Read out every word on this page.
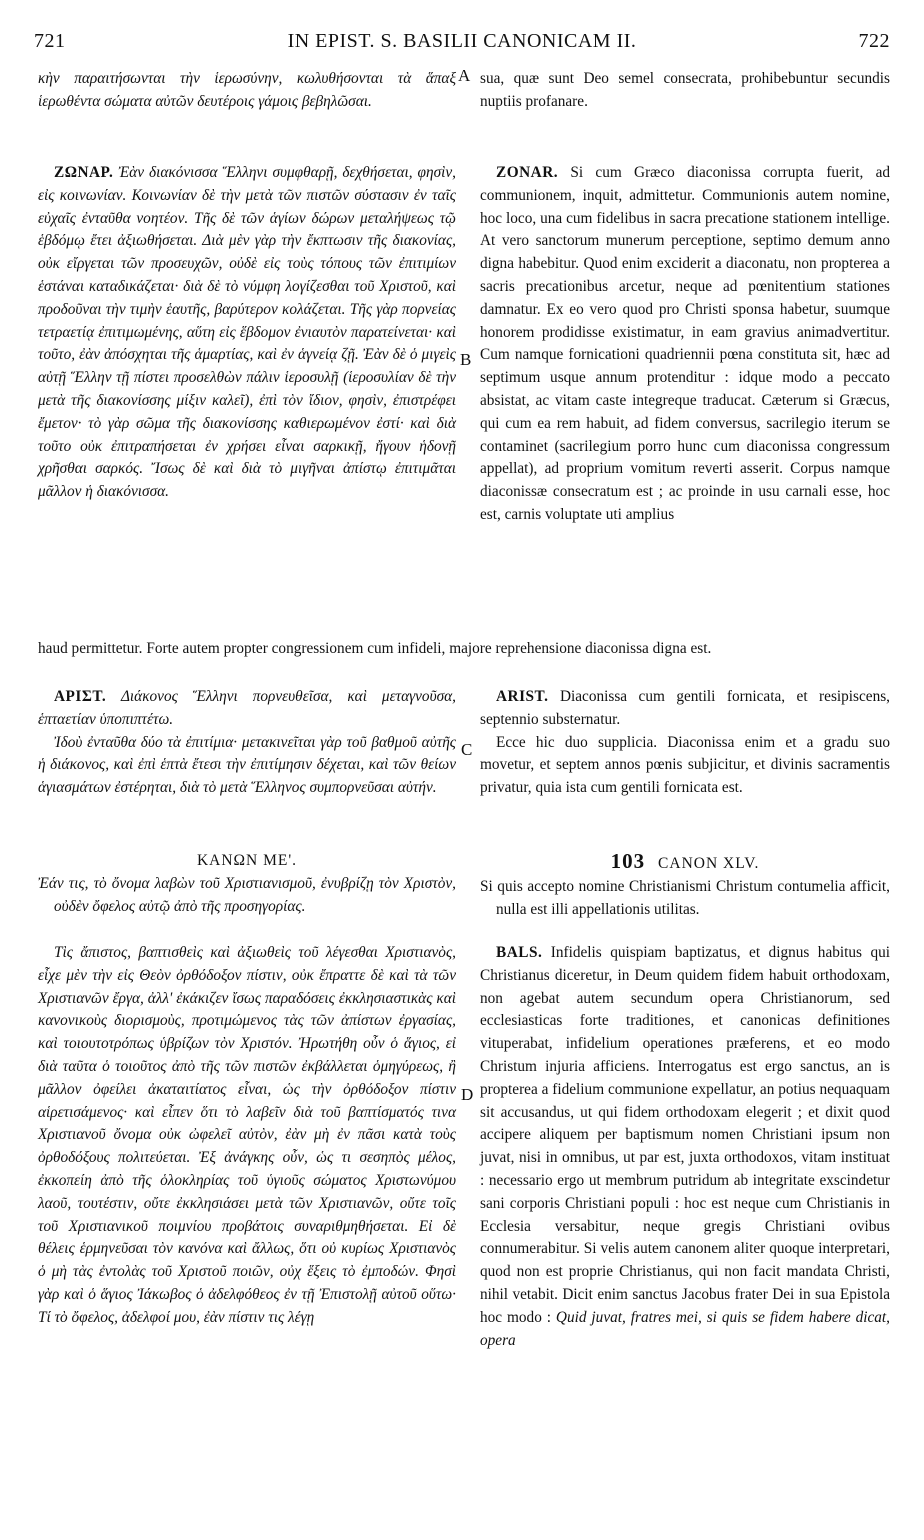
721	IN EPIST. S. BASILII CANONICAM II.	722
A
B
C
D

κὴν παραιτήσωνται τὴν ἱερωσύνην, κωλυθήσονται τὰ ἅπαξ ἱερωθέντα σώματα αὐτῶν δευτέροις γάμοις βεβηλῶσαι.

sua, quæ sunt Deo semel consecrata, prohibebuntur secundis nuptiis profanare.

ΖΩΝΑΡ. Ἐὰν διακόνισσα Ἕλληνι συμφθαρῇ, δεχθήσεται, φησὶν, εἰς κοινωνίαν. Κοινωνίαν δὲ τὴν μετὰ τῶν πιστῶν σύστασιν ἐν ταῖς εὐχαῖς ἐνταῦθα νοητέον. Τῆς δὲ τῶν ἁγίων δώρων μεταλήψεως τῷ ἑβδόμῳ ἔτει ἀξιωθήσεται. Διὰ μὲν γὰρ τὴν ἔκπτωσιν τῆς διακονίας, οὐκ εἴργεται τῶν προσευχῶν, οὐδὲ εἰς τοὺς τόπους τῶν ἐπιτιμίων ἑστάναι καταδικάζεται· διὰ δὲ τὸ νύμφη λογίζεσθαι τοῦ Χριστοῦ, καὶ προδοῦναι τὴν τιμὴν ἑαυτῆς, βαρύτερον κολάζεται. Τῆς γὰρ πορνείας τετραετίᾳ ἐπιτιμωμένης, αὕτη εἰς ἕβδομον ἐνιαυτὸν παρατείνεται· καὶ τοῦτο, ἐὰν ἀπόσχηται τῆς ἁμαρτίας, καὶ ἐν ἁγνείᾳ ζῇ. Ἐὰν δὲ ὁ μιγεὶς αὐτῇ Ἕλλην τῇ πίστει προσελθὼν πάλιν ἱεροσυλῇ (ἱεροσυλίαν δὲ τὴν μετὰ τῆς διακονίσσης μίξιν καλεῖ), ἐπὶ τὸν ἴδιον, φησὶν, ἐπιστρέφει ἔμετον· τὸ γὰρ σῶμα τῆς διακονίσσης καθιερωμένον ἐστί· καὶ διὰ τοῦτο οὐκ ἐπιτραπήσεται ἐν χρήσει εἶναι σαρκικῇ, ἤγουν ἡδονῇ χρῆσθαι σαρκός. Ἴσως δὲ καὶ διὰ τὸ μιγῆναι ἀπίστῳ ἐπιτιμᾶται μᾶλλον ἡ διακόνισσα.

ZONAR. Si cum Græco diaconissa corrupta fuerit, ad communionem, inquit, admittetur. Communionis autem nomine, hoc loco, una cum fidelibus in sacra precatione stationem intellige. At vero sanctorum munerum perceptione, septimo demum anno digna habebitur. Quod enim exciderit a diaconatu, non propterea a sacris precationibus arcetur, neque ad pœnitentium stationes damnatur. Ex eo vero quod pro Christi sponsa habetur, suumque honorem prodidisse existimatur, in eam gravius animadvertitur. Cum namque fornicationi quadriennii pœna constituta sit, hæc ad septimum usque annum protenditur : idque modo a peccato absistat, ac vitam caste integreque traducat. Cæterum si Græcus, qui cum ea rem habuit, ad fidem conversus, sacrilegio iterum se contaminet (sacrilegium porro hunc cum diaconissa congressum appellat), ad proprium vomitum reverti asserit. Corpus namque diaconissæ consecratum est ; ac proinde in usu carnali esse, hoc est, carnis voluptate uti amplius

haud permittetur. Forte autem propter congressionem cum infideli, majore reprehensione diaconissa digna est.

ΑΡΙΣΤ. Διάκονος Ἕλληνι πορνευθεῖσα, καὶ μεταγνοῦσα, ἑπταετίαν ὑποπιπτέτω.

Ἰδοὺ ἐνταῦθα δύο τὰ ἐπιτίμια· μετακινεῖται γὰρ τοῦ βαθμοῦ αὐτῆς ἡ διάκονος, καὶ ἐπὶ ἑπτὰ ἔτεσι τὴν ἐπιτίμησιν δέχεται, καὶ τῶν θείων ἁγιασμάτων ἐστέρηται, διὰ τὸ μετὰ Ἕλληνος συμπορνεῦσαι αὐτήν.

ARIST. Diaconissa cum gentili fornicata, et resipiscens, septennio substernatur.

Ecce hic duo supplicia. Diaconissa enim et a gradu suo movetur, et septem annos pœnis subjicitur, et divinis sacramentis privatur, quia ista cum gentili fornicata est.

ΚΑΝΩΝ ΜΕ'.

Ἐάν τις, τὸ ὄνομα λαβὼν τοῦ Χριστιανισμοῦ, ἐνυβρίζῃ τὸν Χριστὸν, οὐδὲν ὄφελος αὐτῷ ἀπὸ τῆς προσηγορίας.

103 CANON XLV.

Si quis accepto nomine Christianismi Christum contumelia afficit, nulla est illi appellationis utilitas.

Τὶς ἄπιστος, βαπτισθεὶς καὶ ἀξιωθεὶς τοῦ λέγεσθαι Χριστιανὸς, εἶχε μὲν τὴν εἰς Θεὸν ὀρθόδοξον πίστιν, οὐκ ἔπραττε δὲ καὶ τὰ τῶν Χριστιανῶν ἔργα, ἀλλ' ἐκάκιζεν ἴσως παραδόσεις ἐκκλησιαστικὰς καὶ κανονικοὺς διορισμοὺς, προτιμώμενος τὰς τῶν ἀπίστων ἐργασίας, καὶ τοιουτοτρόπως ὑβρίζων τὸν Χριστόν. Ἠρωτήθη οὖν ὁ ἅγιος, εἰ διὰ ταῦτα ὁ τοιοῦτος ἀπὸ τῆς τῶν πιστῶν ἐκβάλλεται ὁμηγύρεως, ἢ μᾶλλον ὀφείλει ἀκαταιτίατος εἶναι, ὡς τὴν ὀρθόδοξον πίστιν αἱρετισάμενος· καὶ εἶπεν ὅτι τὸ λαβεῖν διὰ τοῦ βαπτίσματός τινα Χριστιανοῦ ὄνομα οὐκ ὠφελεῖ αὐτὸν, ἐὰν μὴ ἐν πᾶσι κατὰ τοὺς ὀρθοδόξους πολιτεύεται. Ἐξ ἀνάγκης οὖν, ὡς τι σεσηπὸς μέλος, ἐκκοπείη ἀπὸ τῆς ὁλοκληρίας τοῦ ὑγιοῦς σώματος Χριστωνύμου λαοῦ, τουτέστιν, οὔτε ἐκκλησιάσει μετὰ τῶν Χριστιανῶν, οὔτε τοῖς τοῦ Χριστιανικοῦ ποιμνίου προβάτοις συναριθμηθήσεται. Εἰ δὲ θέλεις ἑρμηνεῦσαι τὸν κανόνα καὶ ἄλλως, ὅτι οὐ κυρίως Χριστιανὸς ὁ μὴ τὰς ἐντολὰς τοῦ Χριστοῦ ποιῶν, οὐχ ἕξεις τὸ ἐμποδών. Φησὶ γὰρ καὶ ὁ ἅγιος Ἰάκωβος ὁ ἀδελφόθεος ἐν τῇ Ἐπιστολῇ αὐτοῦ οὕτω· Τί τὸ ὄφελος, ἀδελφοί μου, ἐὰν πίστιν τις λέγῃ

BALS. Infidelis quispiam baptizatus, et dignus habitus qui Christianus diceretur, in Deum quidem fidem habuit orthodoxam, non agebat autem secundum opera Christianorum, sed ecclesiasticas forte traditiones, et canonicas definitiones vituperabat, infidelium operationes præferens, et eo modo Christum injuria afficiens. Interrogatus est ergo sanctus, an is propterea a fidelium communione expellatur, an potius nequaquam sit accusandus, ut qui fidem orthodoxam elegerit ; et dixit quod accipere aliquem per baptismum nomen Christiani ipsum non juvat, nisi in omnibus, ut par est, juxta orthodoxos, vitam instituat : necessario ergo ut membrum putridum ab integritate exscindetur sani corporis Christiani populi : hoc est neque cum Christianis in Ecclesia versabitur, neque gregis Christiani ovibus connumerabitur. Si velis autem canonem aliter quoque interpretari, quod non est proprie Christianus, qui non facit mandata Christi, nihil vetabit. Dicit enim sanctus Jacobus frater Dei in sua Epistola hoc modo : Quid juvat, fratres mei, si quis se fidem habere dicat, opera
